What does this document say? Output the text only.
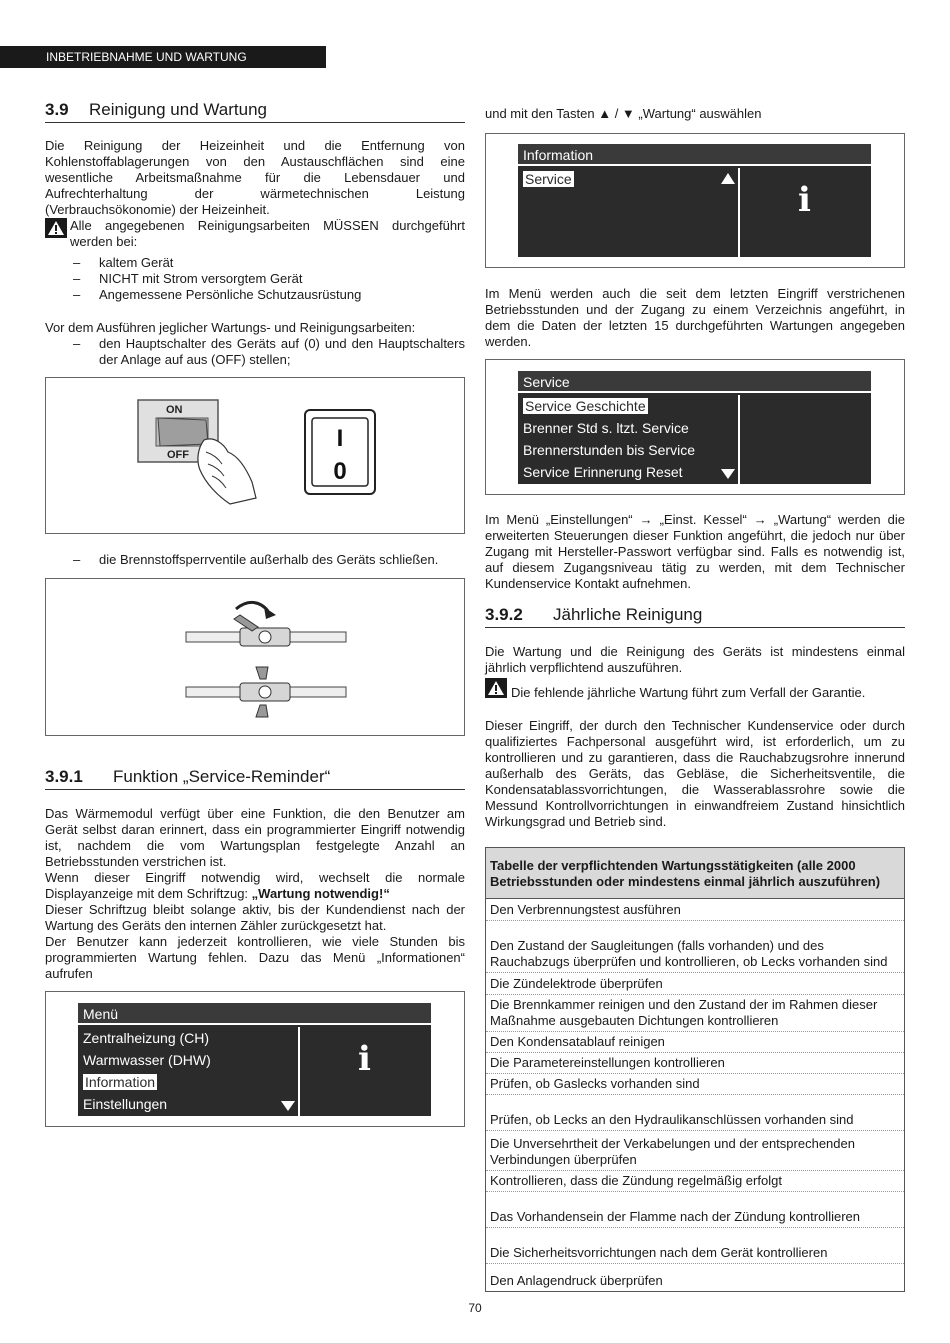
INBETRIEBNAHME UND WARTUNG
3.9 Reinigung und Wartung
Die Reinigung der Heizeinheit und die Entfernung von Kohlenstoffablagerungen von den Austauschflächen sind eine wesentliche Arbeitsmaßnahme für die Lebensdauer und Aufrechterhaltung der wärmetechnischen Leistung (Verbrauchsökonomie) der Heizeinheit.
Alle angegebenen Reinigungsarbeiten MÜSSEN durchgeführt werden bei:
– kaltem Gerät
– NICHT mit Strom versorgtem Gerät
– Angemessene Persönliche Schutzausrüstung
Vor dem Ausführen jeglicher Wartungs- und Reinigungsarbeiten:
– den Hauptschalter des Geräts auf (0) und den Hauptschalters der Anlage auf aus (OFF) stellen;
ON
OFF
I
0
– die Brennstoffsperrventile außerhalb des Geräts schließen.
3.9.1 Funktion „Service-Reminder“
Das Wärmemodul verfügt über eine Funktion, die den Benutzer am Gerät selbst daran erinnert, dass ein programmierter Eingriff notwendig ist, nachdem die vom Wartungsplan festgelegte Anzahl an Betriebsstunden verstrichen ist.
Wenn dieser Eingriff notwendig wird, wechselt die normale Displayanzeige mit dem Schriftzug: „Wartung notwendig!“
Dieser Schriftzug bleibt solange aktiv, bis der Kundendienst nach der Wartung des Geräts den internen Zähler zurückgesetzt hat.
Der Benutzer kann jederzeit kontrollieren, wie viele Stunden bis programmierten Wartung fehlen. Dazu das Menü „Informationen“ aufrufen
Menü
Zentralheizung (CH)
Warmwasser (DHW)
Information
Einstellungen
i
und mit den Tasten ▲ / ▼ „Wartung“ auswählen
Information
Service
i
Im Menü werden auch die seit dem letzten Eingriff verstrichenen Betriebsstunden und der Zugang zu einem Verzeichnis angeführt, in dem die Daten der letzten 15 durchgeführten Wartungen angegeben werden.
Service
Service Geschichte
Brenner Std s. ltzt. Service
Brennerstunden bis Service
Service Erinnerung Reset
Im Menü „Einstellungen“ → „Einst. Kessel“ → „Wartung“ werden die erweiterten Steuerungen dieser Funktion angeführt, die jedoch nur über Zugang mit Hersteller-Passwort verfügbar sind. Falls es notwendig ist, auf diesem Zugangsniveau tätig zu werden, mit dem Technischer Kundenservice Kontakt aufnehmen.
3.9.2 Jährliche Reinigung
Die Wartung und die Reinigung des Geräts ist mindestens einmal jährlich verpflichtend auszuführen.
Die fehlende jährliche Wartung führt zum Verfall der Garantie.
Dieser Eingriff, der durch den Technischer Kundenservice oder durch qualifiziertes Fachpersonal ausgeführt wird, ist erforderlich, um zu kontrollieren und zu garantieren, dass die Rauchabzugsrohre innerund außerhalb des Geräts, das Gebläse, die Sicherheitsventile, die Kondensatablassvorrichtungen, die Wasserablassrohre sowie die Messund Kontrollvorrichtungen in einwandfreiem Zustand hinsichtlich Wirkungsgrad und Betrieb sind.
Tabelle der verpflichtenden Wartungsstätigkeiten (alle 2000 Betriebsstunden oder mindestens einmal jährlich auszuführen)
Den Verbrennungstest ausführen
Den Zustand der Saugleitungen (falls vorhanden) und des Rauchabzugs überprüfen und kontrollieren, ob Lecks vorhanden sind
Die Zündelektrode überprüfen
Die Brennkammer reinigen und den Zustand der im Rahmen dieser Maßnahme ausgebauten Dichtungen kontrollieren
Den Kondensatablauf reinigen
Die Parametereinstellungen kontrollieren
Prüfen, ob Gaslecks vorhanden sind
Prüfen, ob Lecks an den Hydraulikanschlüssen vorhanden sind
Die Unversehrtheit der Verkabelungen und der entsprechenden Verbindungen überprüfen
Kontrollieren, dass die Zündung regelmäßig erfolgt
Das Vorhandensein der Flamme nach der Zündung kontrollieren
Die Sicherheitsvorrichtungen nach dem Gerät kontrollieren
Den Anlagendruck überprüfen
70
